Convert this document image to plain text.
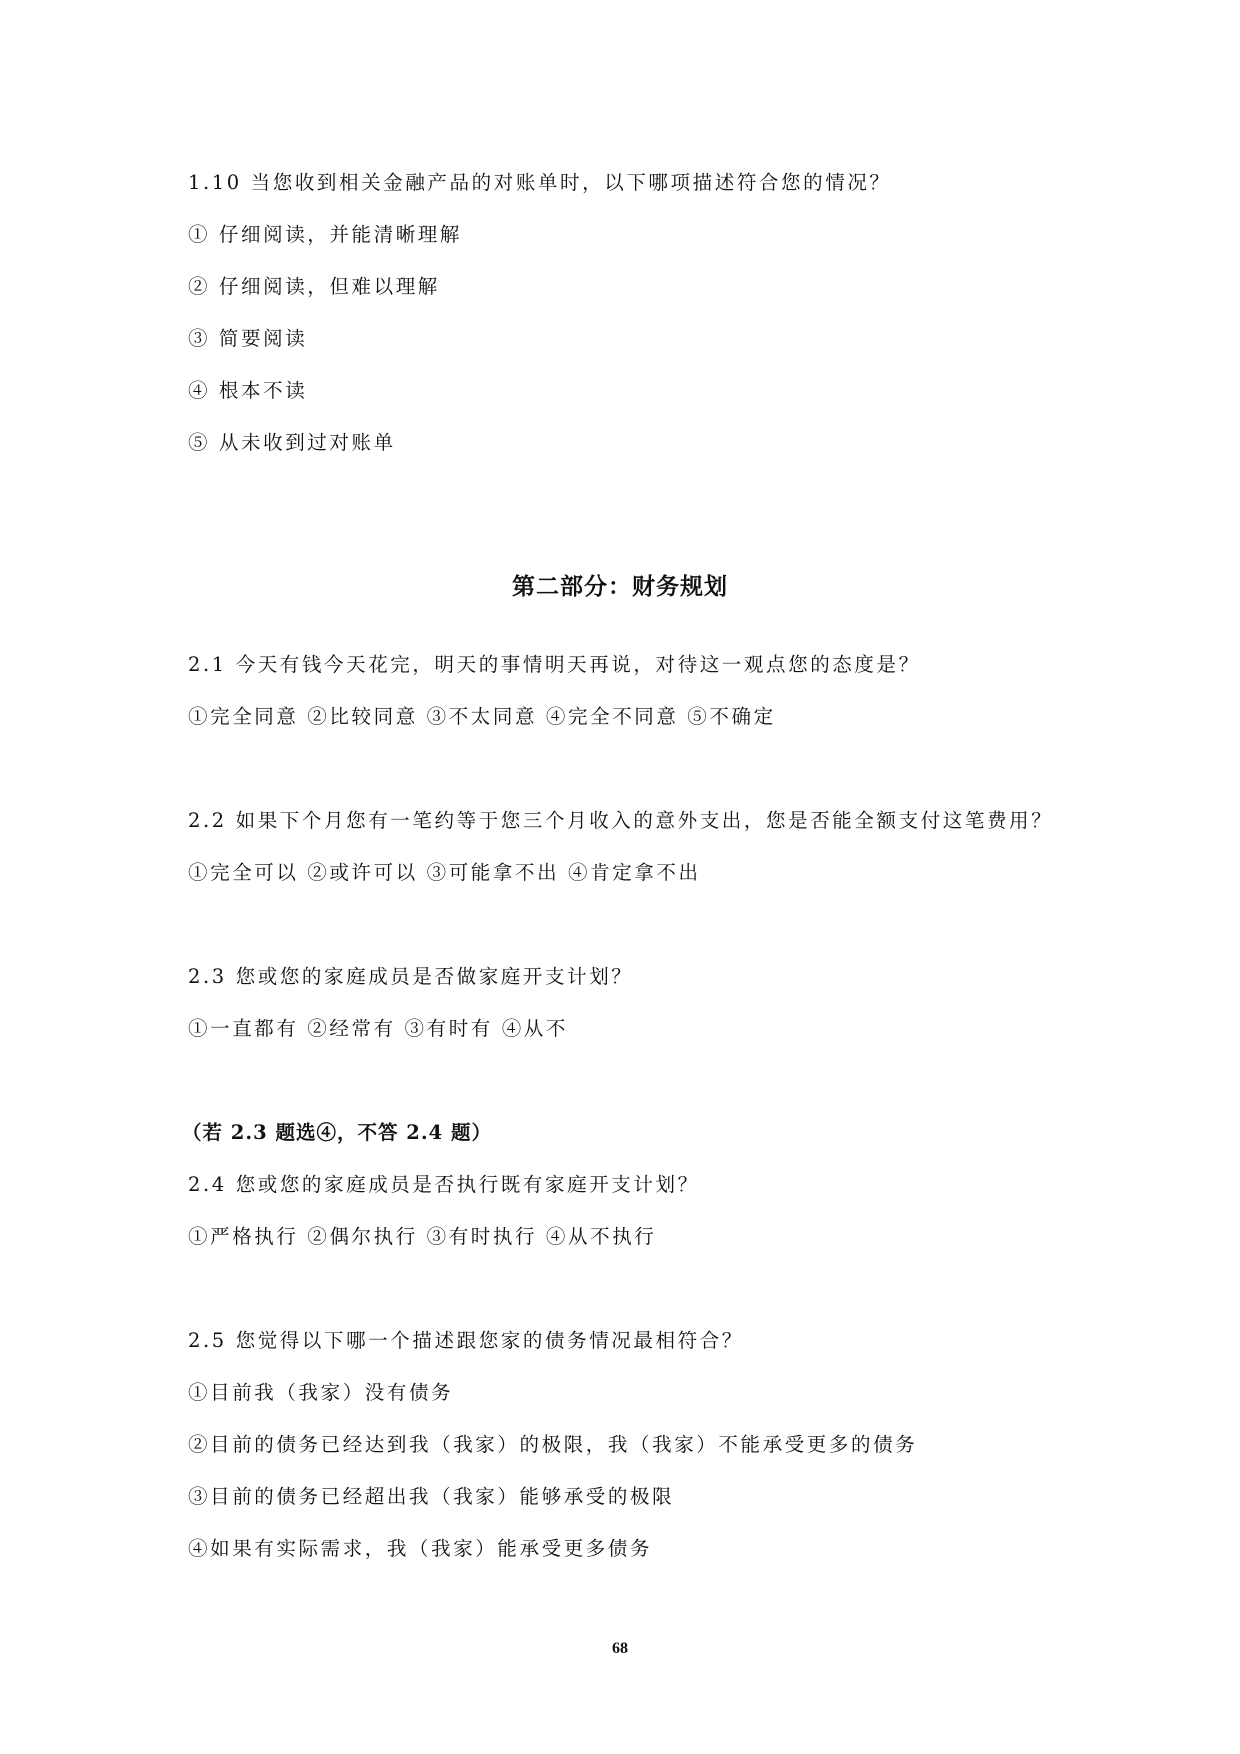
1.10 当您收到相关金融产品的对账单时，以下哪项描述符合您的情况？
① 仔细阅读，并能清晰理解
② 仔细阅读，但难以理解
③ 简要阅读
④ 根本不读
⑤ 从未收到过对账单
第二部分：财务规划
2.1 今天有钱今天花完，明天的事情明天再说，对待这一观点您的态度是？
①完全同意 ②比较同意 ③不太同意 ④完全不同意 ⑤不确定
2.2 如果下个月您有一笔约等于您三个月收入的意外支出，您是否能全额支付这笔费用？
①完全可以 ②或许可以 ③可能拿不出 ④肯定拿不出
2.3 您或您的家庭成员是否做家庭开支计划？
①一直都有 ②经常有 ③有时有 ④从不
（若 2.3 题选④，不答 2.4 题）
2.4 您或您的家庭成员是否执行既有家庭开支计划？
①严格执行 ②偶尔执行 ③有时执行 ④从不执行
2.5 您觉得以下哪一个描述跟您家的债务情况最相符合？
①目前我（我家）没有债务
②目前的债务已经达到我（我家）的极限，我（我家）不能承受更多的债务
③目前的债务已经超出我（我家）能够承受的极限
④如果有实际需求，我（我家）能承受更多债务
68
